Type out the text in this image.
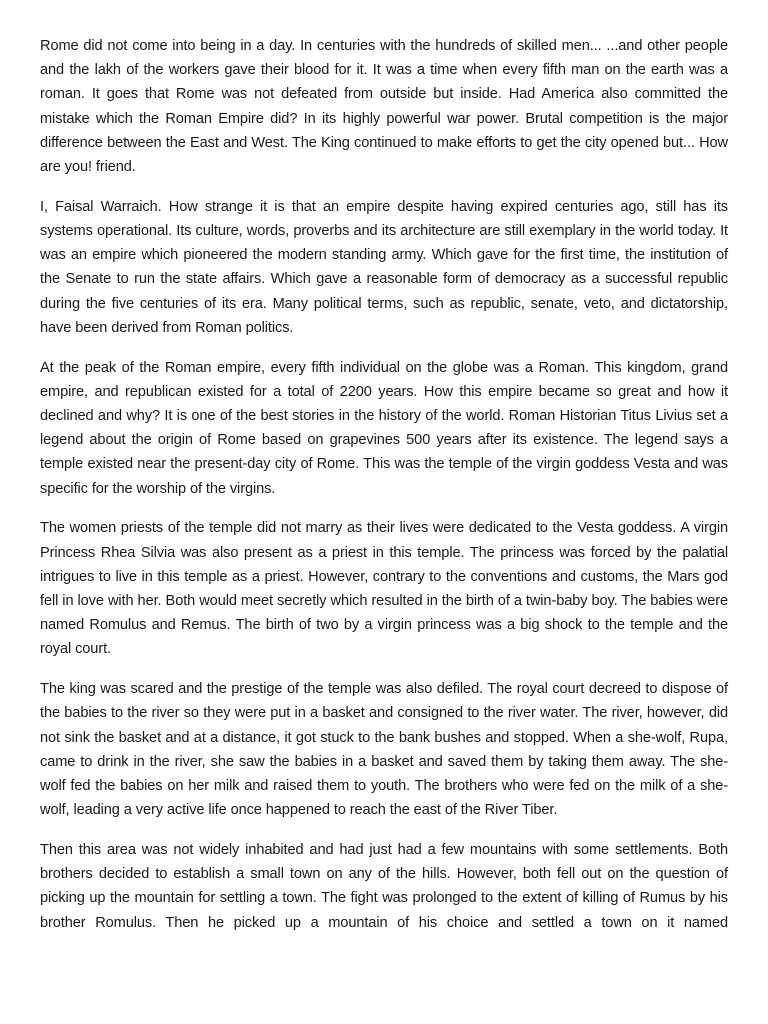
Rome did not come into being in a day. In centuries with the hundreds of skilled men... ...and other people and the lakh of the workers gave their blood for it. It was a time when every fifth man on the earth was a roman. It goes that Rome was not defeated from outside but inside. Had America also committed the mistake which the Roman Empire did? In its highly powerful war power. Brutal competition is the major difference between the East and West. The King continued to make efforts to get the city opened but... How are you! friend.

I, Faisal Warraich. How strange it is that an empire despite having expired centuries ago, still has its systems operational. Its culture, words, proverbs and its architecture are still exemplary in the world today. It was an empire which pioneered the modern standing army. Which gave for the first time, the institution of the Senate to run the state affairs. Which gave a reasonable form of democracy as a successful republic during the five centuries of its era. Many political terms, such as republic, senate, veto, and dictatorship, have been derived from Roman politics.

At the peak of the Roman empire, every fifth individual on the globe was a Roman. This kingdom, grand empire, and republican existed for a total of 2200 years. How this empire became so great and how it declined and why? It is one of the best stories in the history of the world. Roman Historian Titus Livius set a legend about the origin of Rome based on grapevines 500 years after its existence. The legend says a temple existed near the present-day city of Rome. This was the temple of the virgin goddess Vesta and was specific for the worship of the virgins.

The women priests of the temple did not marry as their lives were dedicated to the Vesta goddess. A virgin Princess Rhea Silvia was also present as a priest in this temple. The princess was forced by the palatial intrigues to live in this temple as a priest. However, contrary to the conventions and customs, the Mars god fell in love with her. Both would meet secretly which resulted in the birth of a twin-baby boy. The babies were named Romulus and Remus. The birth of two by a virgin princess was a big shock to the temple and the royal court.

The king was scared and the prestige of the temple was also defiled. The royal court decreed to dispose of the babies to the river so they were put in a basket and consigned to the river water. The river, however, did not sink the basket and at a distance, it got stuck to the bank bushes and stopped. When a she-wolf, Rupa, came to drink in the river, she saw the babies in a basket and saved them by taking them away. The she-wolf fed the babies on her milk and raised them to youth. The brothers who were fed on the milk of a she-wolf, leading a very active life once happened to reach the east of the River Tiber.

Then this area was not widely inhabited and had just had a few mountains with some settlements. Both brothers decided to establish a small town on any of the hills. However, both fell out on the question of picking up the mountain for settling a town. The fight was prolonged to the extent of killing of Rumus by his brother Romulus. Then he picked up a mountain of his choice and settled a town on it named
